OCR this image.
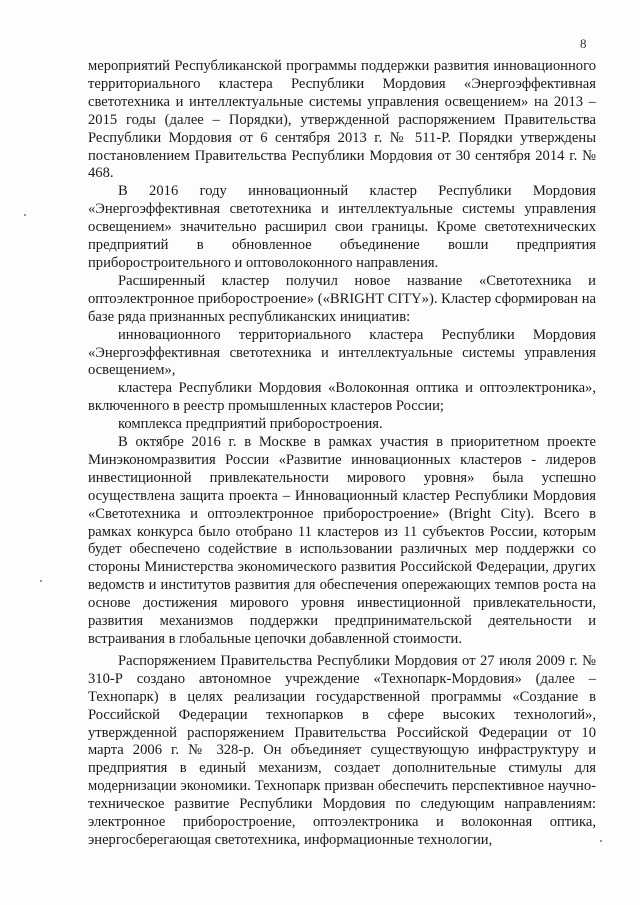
8

мероприятий Республиканской программы поддержки развития инновационного территориального кластера Республики Мордовия «Энергоэффективная светотехника и интеллектуальные системы управления освещением» на 2013 – 2015 годы (далее – Порядки), утвержденной распоряжением Правительства Республики Мордовия от 6 сентября 2013 г. № 511-Р. Порядки утверждены постановлением Правительства Республики Мордовия от 30 сентября 2014 г. № 468.

В 2016 году инновационный кластер Республики Мордовия «Энергоэффективная светотехника и интеллектуальные системы управления освещением» значительно расширил свои границы. Кроме светотехнических предприятий в обновленное объединение вошли предприятия приборостроительного и оптоволоконного направления.

Расширенный кластер получил новое название «Светотехника и оптоэлектронное приборостроение» («BRIGHT CITY»). Кластер сформирован на базе ряда признанных республиканских инициатив:

инновационного территориального кластера Республики Мордовия «Энергоэффективная светотехника и интеллектуальные системы управления освещением»,

кластера Республики Мордовия «Волоконная оптика и оптоэлектроника», включенного в реестр промышленных кластеров России;

комплекса предприятий приборостроения.

В октябре 2016 г. в Москве в рамках участия в приоритетном проекте Минэкономразвития России «Развитие инновационных кластеров - лидеров инвестиционной привлекательности мирового уровня» была успешно осуществлена защита проекта – Инновационный кластер Республики Мордовия «Светотехника и оптоэлектронное приборостроение» (Bright City). Всего в рамках конкурса было отобрано 11 кластеров из 11 субъектов России, которым будет обеспечено содействие в использовании различных мер поддержки со стороны Министерства экономического развития Российской Федерации, других ведомств и институтов развития для обеспечения опережающих темпов роста на основе достижения мирового уровня инвестиционной привлекательности, развития механизмов поддержки предпринимательской деятельности и встраивания в глобальные цепочки добавленной стоимости.

Распоряжением Правительства Республики Мордовия от 27 июля 2009 г. № 310-Р создано автономное учреждение «Технопарк-Мордовия» (далее – Технопарк) в целях реализации государственной программы «Создание в Российской Федерации технопарков в сфере высоких технологий», утвержденной распоряжением Правительства Российской Федерации от 10 марта 2006 г. № 328-р. Он объединяет существующую инфраструктуру и предприятия в единый механизм, создает дополнительные стимулы для модернизации экономики. Технопарк призван обеспечить перспективное научно-техническое развитие Республики Мордовия по следующим направлениям: электронное приборостроение, оптоэлектроника и волоконная оптика, энергосберегающая светотехника, информационные технологии,
